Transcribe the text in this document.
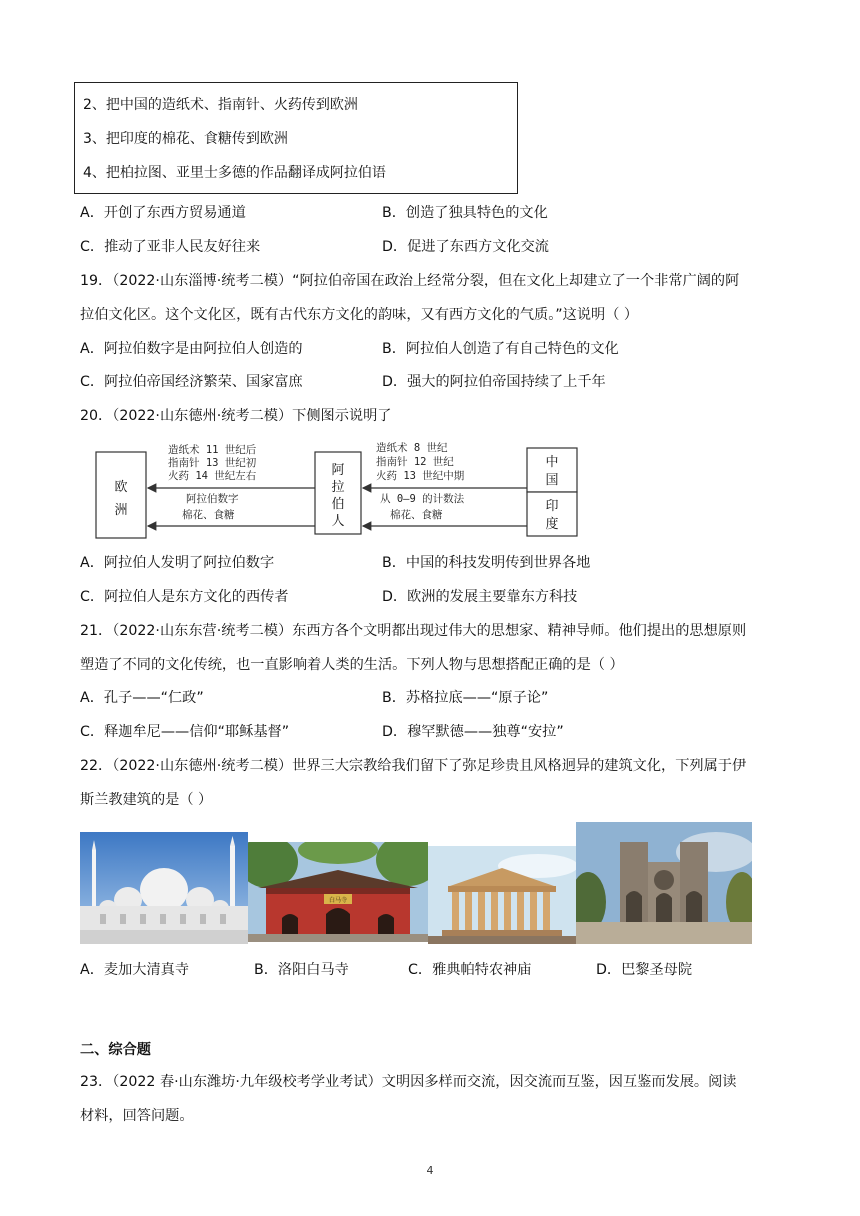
2、把中国的造纸术、指南针、火药传到欧洲
3、把印度的棉花、食糖传到欧洲
4、把柏拉图、亚里士多德的作品翻译成阿拉伯语
A．开创了东西方贸易通道	B．创造了独具特色的文化
C．推动了亚非人民友好往来	D．促进了东西方文化交流
19．（2022·山东淄博·统考二模）“阿拉伯帝国在政治上经常分裂，但在文化上却建立了一个非常广阔的阿
拉伯文化区。这个文化区，既有古代东方文化的韵味，又有西方文化的气质。”这说明（ ）
A．阿拉伯数字是由阿拉伯人创造的	B．阿拉伯人创造了有自己特色的文化
C．阿拉伯帝国经济繁荣、国家富庶	D．强大的阿拉伯帝国持续了上千年
20．（2022·山东德州·统考二模）下侧图示说明了
欧
洲
阿
拉
伯
人
中
国
印
度
造纸术 11 世纪后
指南针 13 世纪初
火药 14 世纪左右
阿拉伯数字
棉花、食糖
造纸术 8 世纪
指南针 12 世纪
火药 13 世纪中期
从 0—9 的计数法
棉花、食糖
A．阿拉伯人发明了阿拉伯数字	B．中国的科技发明传到世界各地
C．阿拉伯人是东方文化的西传者	D．欧洲的发展主要靠东方科技
21．（2022·山东东营·统考二模）东西方各个文明都出现过伟大的思想家、精神导师。他们提出的思想原则
塑造了不同的文化传统，也一直影响着人类的生活。下列人物与思想搭配正确的是（ ）
A．孔子——“仁政”	B．苏格拉底——“原子论”
C．释迦牟尼——信仰“耶稣基督”	D．穆罕默德——独尊“安拉”
22．（2022·山东德州·统考二模）世界三大宗教给我们留下了弥足珍贵且风格迥异的建筑文化，下列属于伊
斯兰教建筑的是（ ）
白马寺
A．麦加大清真寺	B．洛阳白马寺	C．雅典帕特农神庙	D．巴黎圣母院
二、综合题
23．（2022 春·山东潍坊·九年级校考学业考试）文明因多样而交流，因交流而互鉴，因互鉴而发展。阅读
材料，回答问题。
4
